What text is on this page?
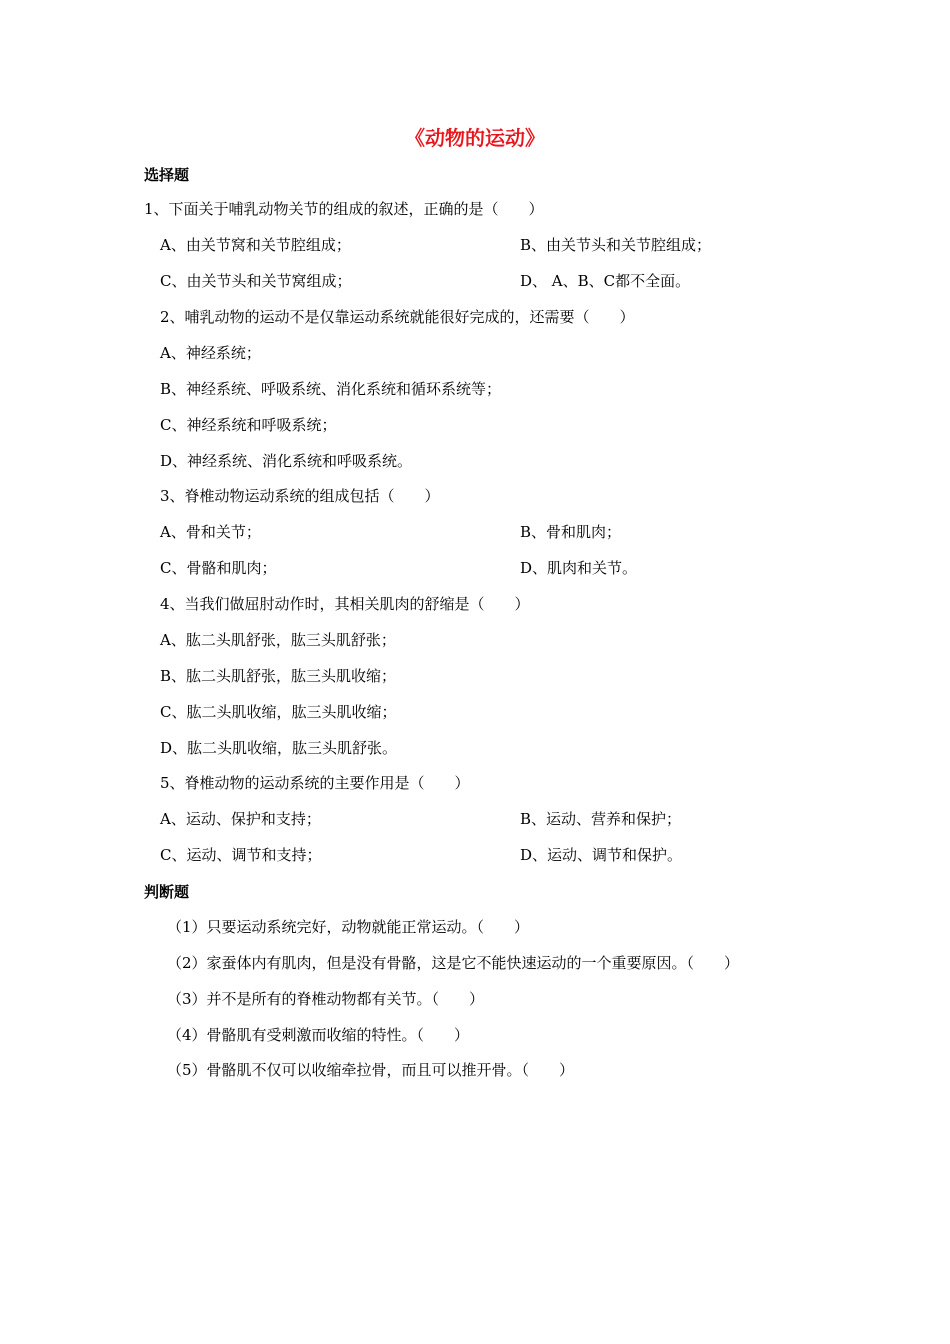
《动物的运动》
选择题
1、下面关于哺乳动物关节的组成的叙述，正确的是（　　）
A、由关节窝和关节腔组成；	B、由关节头和关节腔组成；
C、由关节头和关节窝组成；	D、 A、B、C都不全面。
2、哺乳动物的运动不是仅靠运动系统就能很好完成的，还需要（　　）
A、神经系统；
B、神经系统、呼吸系统、消化系统和循环系统等；
C、神经系统和呼吸系统；
D、神经系统、消化系统和呼吸系统。
3、脊椎动物运动系统的组成包括（　　）
A、骨和关节；	B、骨和肌肉；
C、骨骼和肌肉；	D、肌肉和关节。
4、当我们做屈肘动作时，其相关肌肉的舒缩是（　　）
A、肱二头肌舒张，肱三头肌舒张；
B、肱二头肌舒张，肱三头肌收缩；
C、肱二头肌收缩，肱三头肌收缩；
D、肱二头肌收缩，肱三头肌舒张。
5、脊椎动物的运动系统的主要作用是（　　）
A、运动、保护和支持；	B、运动、营养和保护；
C、运动、调节和支持；	D、运动、调节和保护。
判断题
（1）只要运动系统完好，动物就能正常运动。（　　）
（2）家蚕体内有肌肉，但是没有骨骼，这是它不能快速运动的一个重要原因。（　　）
（3）并不是所有的脊椎动物都有关节。（　　）
（4）骨骼肌有受刺激而收缩的特性。（　　）
（5）骨骼肌不仅可以收缩牵拉骨，而且可以推开骨。（　　）
